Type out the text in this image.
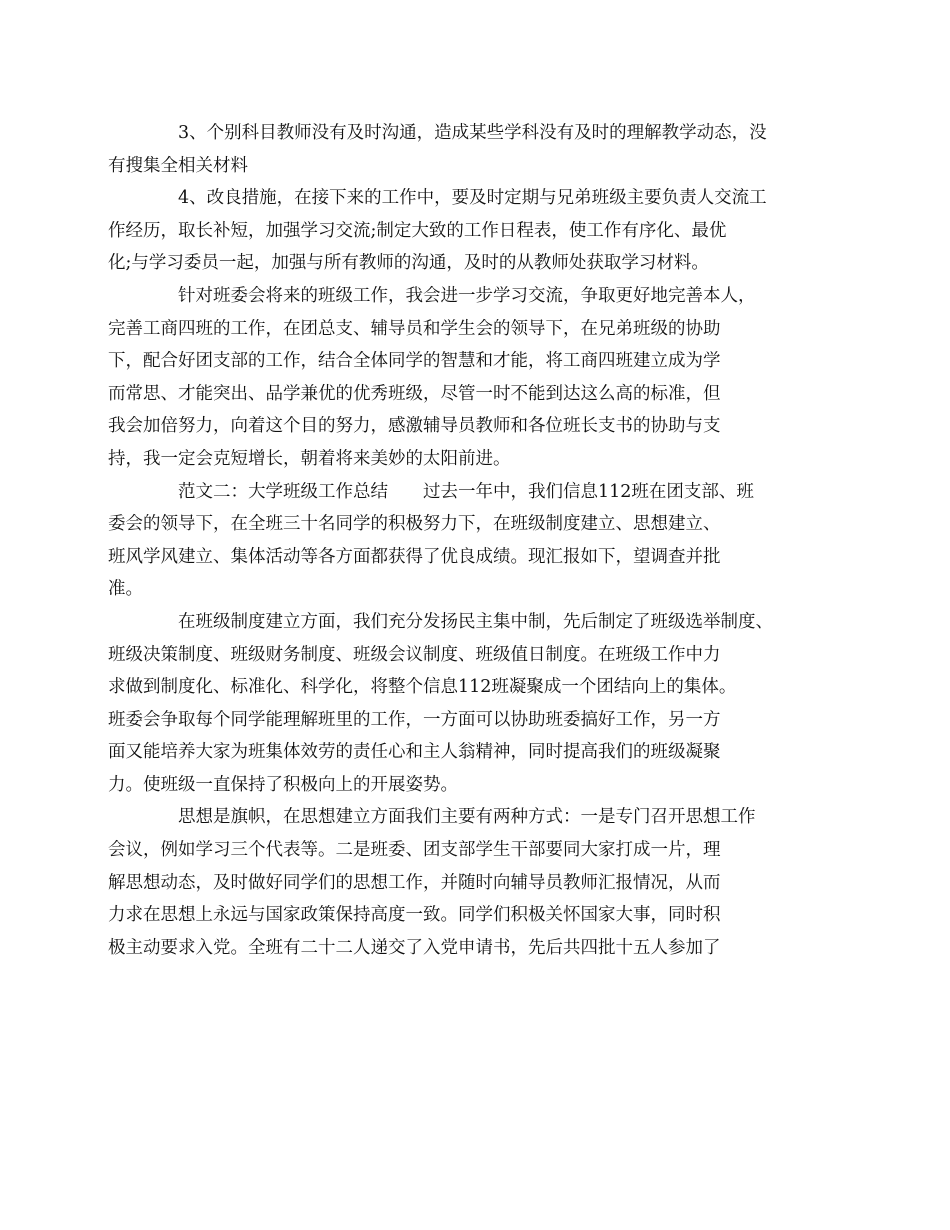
3、个别科目教师没有及时沟通，造成某些学科没有及时的理解教学动态，没
有搜集全相关材料
4、改良措施，在接下来的工作中，要及时定期与兄弟班级主要负责人交流工
作经历，取长补短，加强学习交流;制定大致的工作日程表，使工作有序化、最优
化;与学习委员一起，加强与所有教师的沟通，及时的从教师处获取学习材料。
针对班委会将来的班级工作，我会进一步学习交流，争取更好地完善本人，
完善工商四班的工作，在团总支、辅导员和学生会的领导下，在兄弟班级的协助
下，配合好团支部的工作，结合全体同学的智慧和才能，将工商四班建立成为学
而常思、才能突出、品学兼优的优秀班级，尽管一时不能到达这么高的标准，但
我会加倍努力，向着这个目的努力，感激辅导员教师和各位班长支书的协助与支
持，我一定会克短增长，朝着将来美妙的太阳前进。
范文二：大学班级工作总结　　过去一年中，我们信息112班在团支部、班
委会的领导下，在全班三十名同学的积极努力下，在班级制度建立、思想建立、
班风学风建立、集体活动等各方面都获得了优良成绩。现汇报如下，望调查并批
准。
在班级制度建立方面，我们充分发扬民主集中制，先后制定了班级选举制度、
班级决策制度、班级财务制度、班级会议制度、班级值日制度。在班级工作中力
求做到制度化、标准化、科学化，将整个信息112班凝聚成一个团结向上的集体。
班委会争取每个同学能理解班里的工作，一方面可以协助班委搞好工作，另一方
面又能培养大家为班集体效劳的责任心和主人翁精神，同时提高我们的班级凝聚
力。使班级一直保持了积极向上的开展姿势。
思想是旗帜，在思想建立方面我们主要有两种方式：一是专门召开思想工作
会议，例如学习三个代表等。二是班委、团支部学生干部要同大家打成一片，理
解思想动态，及时做好同学们的思想工作，并随时向辅导员教师汇报情况，从而
力求在思想上永远与国家政策保持高度一致。同学们积极关怀国家大事，同时积
极主动要求入党。全班有二十二人递交了入党申请书，先后共四批十五人参加了
